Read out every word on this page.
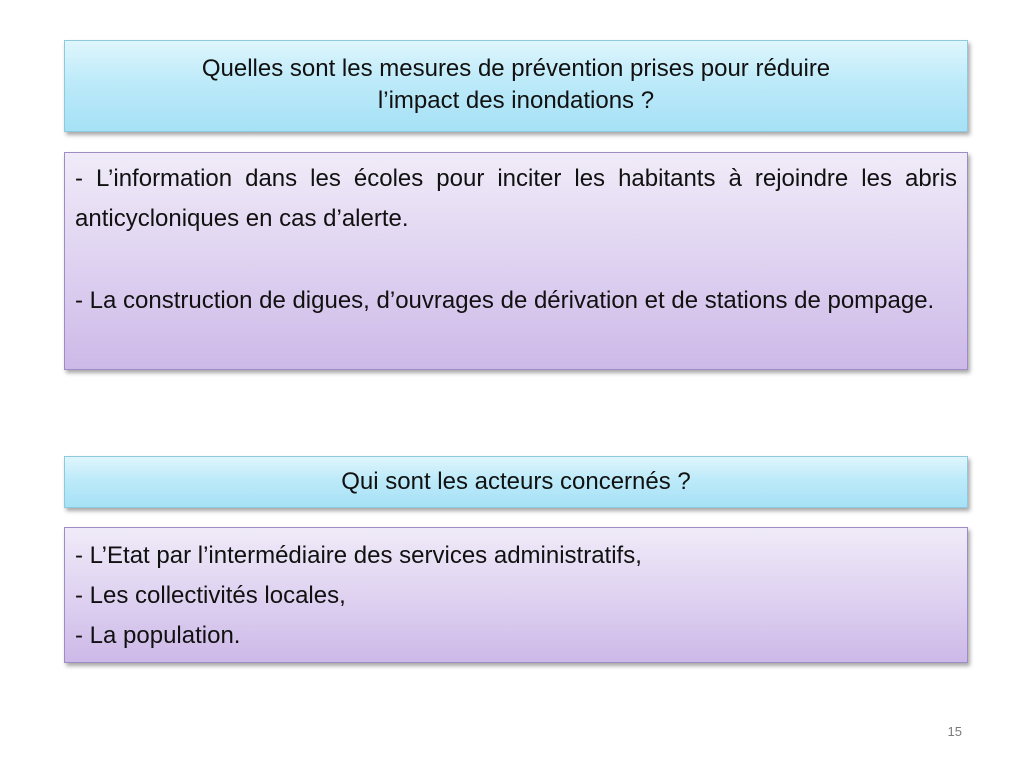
Quelles sont les mesures de prévention prises pour réduire
l’impact des inondations ?
- L’information dans les écoles pour inciter les habitants à rejoindre les abris anticycloniques en cas d’alerte.
- La construction de digues, d’ouvrages de dérivation et de stations de pompage.
Qui sont les acteurs concernés ?
- L’Etat par l’intermédiaire des services administratifs,
- Les collectivités locales,
- La population.
15
